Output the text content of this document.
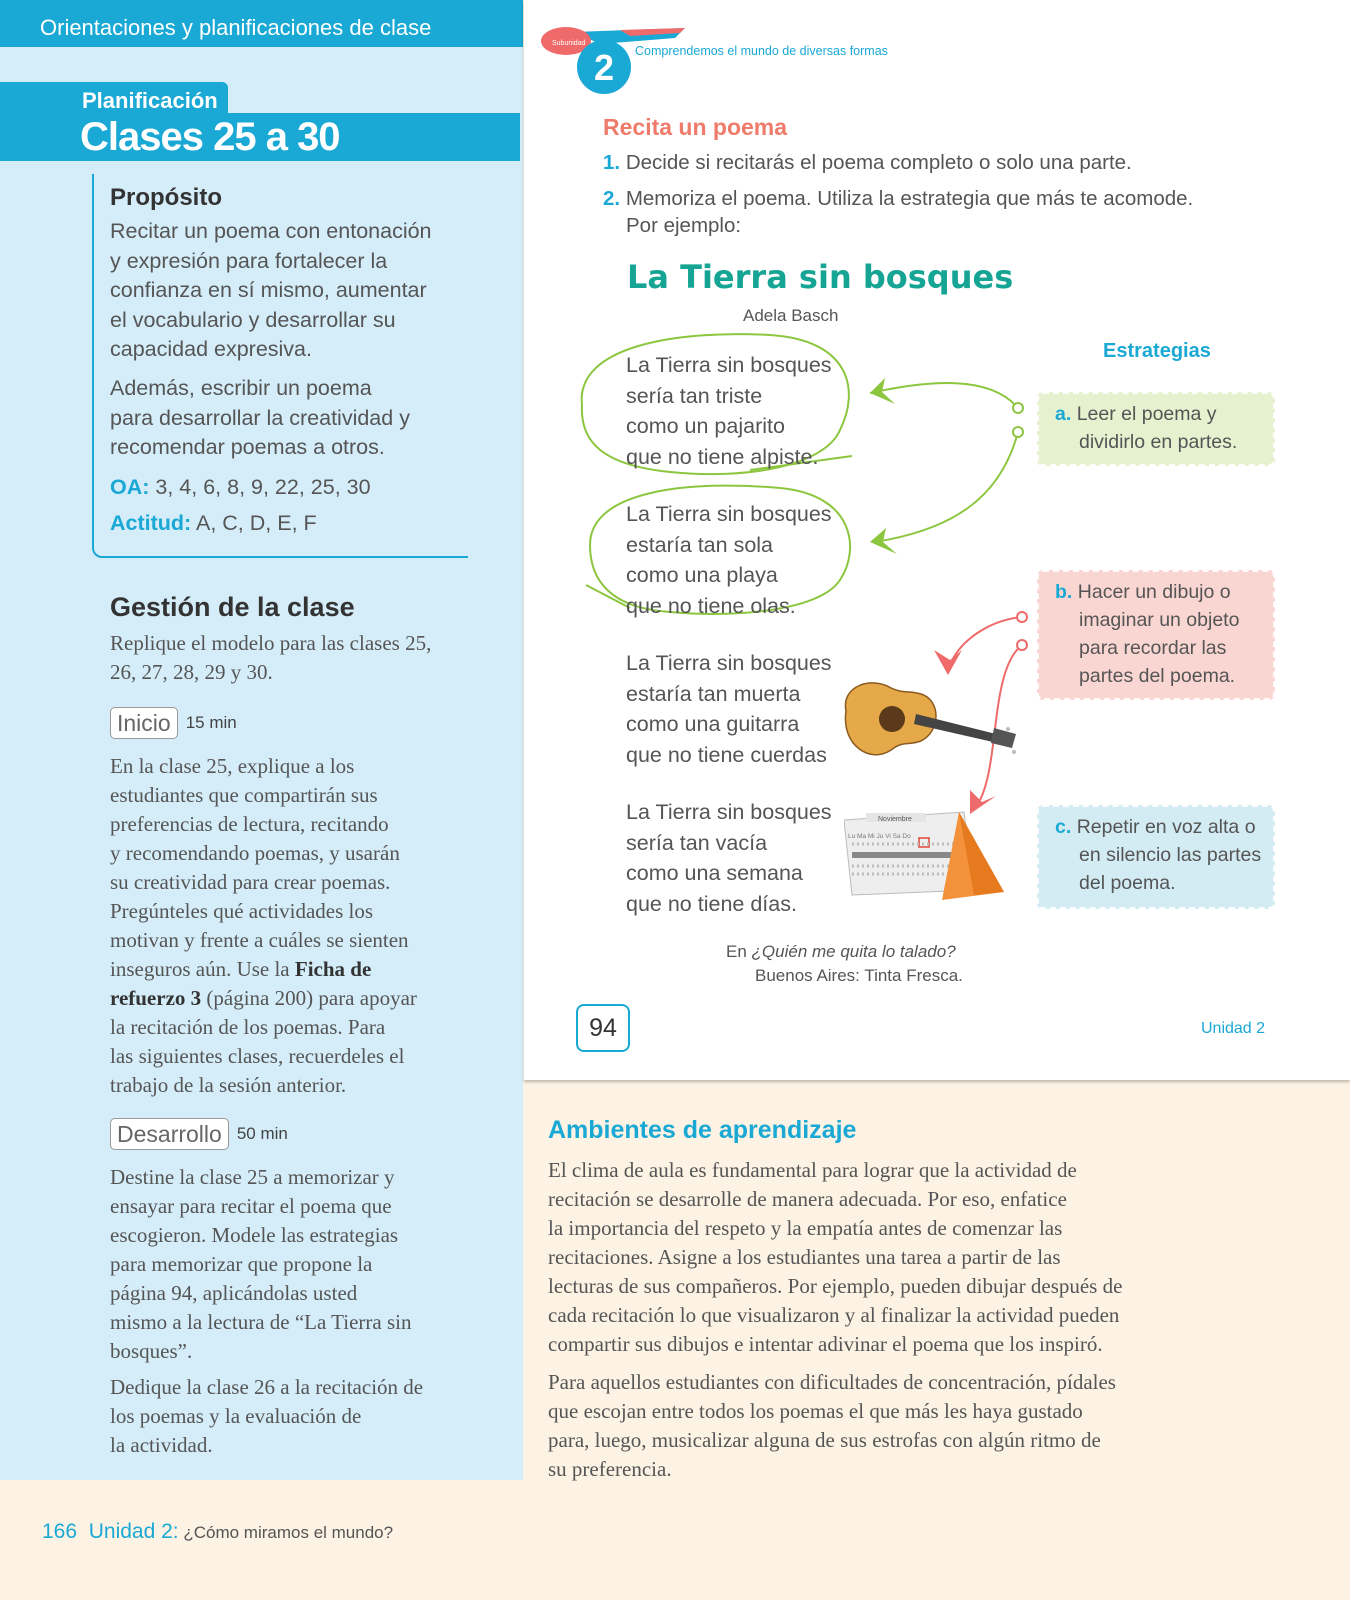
Orientaciones y planificaciones de clase
Planificación
Clases 25 a 30
Propósito
Recitar un poema con entonación
y expresión para fortalecer la
confianza en sí mismo, aumentar
el vocabulario y desarrollar su
capacidad expresiva.
Además, escribir un poema
para desarrollar la creatividad y
recomendar poemas a otros.
OA: 3, 4, 6, 8, 9, 22, 25, 30
Actitud: A, C, D, E, F
Gestión de la clase
Replique el modelo para las clases 25,
26, 27, 28, 29 y 30.
Inicio 15 min
En la clase 25, explique a los
estudiantes que compartirán sus
preferencias de lectura, recitando
y recomendando poemas, y usarán
su creatividad para crear poemas.
Pregúnteles qué actividades los
motivan y frente a cuáles se sienten
inseguros aún. Use la Ficha de
refuerzo 3 (página 200) para apoyar
la recitación de los poemas. Para
las siguientes clases, recuerdeles el
trabajo de la sesión anterior.
Desarrollo 50 min
Destine la clase 25 a memorizar y
ensayar para recitar el poema que
escogieron. Modele las estrategias
para memorizar que propone la
página 94, aplicándolas usted
mismo a la lectura de “La Tierra sin
bosques”.
Dedique la clase 26 a la recitación de
los poemas y la evaluación de
la actividad.
Subunidad
2 Comprendemos el mundo de diversas formas
Recita un poema
1. Decide si recitarás el poema completo o solo una parte.
2. Memoriza el poema. Utiliza la estrategia que más te acomode.
Por ejemplo:
La Tierra sin bosques
Adela Basch
La Tierra sin bosques
sería tan triste
como un pajarito
que no tiene alpiste.
La Tierra sin bosques
estaría tan sola
como una playa
que no tiene olas.
La Tierra sin bosques
estaría tan muerta
como una guitarra
que no tiene cuerdas
La Tierra sin bosques
sería tan vacía
como una semana
que no tiene días.
Noviembre
Lu Ma Mi Ju Vi Sa Do
Estrategias
a. Leer el poema y
dividirlo en partes.
b. Hacer un dibujo o
imaginar un objeto
para recordar las
partes del poema.
c. Repetir en voz alta o
en silencio las partes
del poema.
En ¿Quién me quita lo talado?
Buenos Aires: Tinta Fresca.
94	Unidad 2
Ambientes de aprendizaje
El clima de aula es fundamental para lograr que la actividad de
recitación se desarrolle de manera adecuada. Por eso, enfatice
la importancia del respeto y la empatía antes de comenzar las
recitaciones. Asigne a los estudiantes una tarea a partir de las
lecturas de sus compañeros. Por ejemplo, pueden dibujar después de
cada recitación lo que visualizaron y al finalizar la actividad pueden
compartir sus dibujos e intentar adivinar el poema que los inspiró.
Para aquellos estudiantes con dificultades de concentración, pídales
que escojan entre todos los poemas el que más les haya gustado
para, luego, musicalizar alguna de sus estrofas con algún ritmo de
su preferencia.
166 Unidad 2: ¿Cómo miramos el mundo?
